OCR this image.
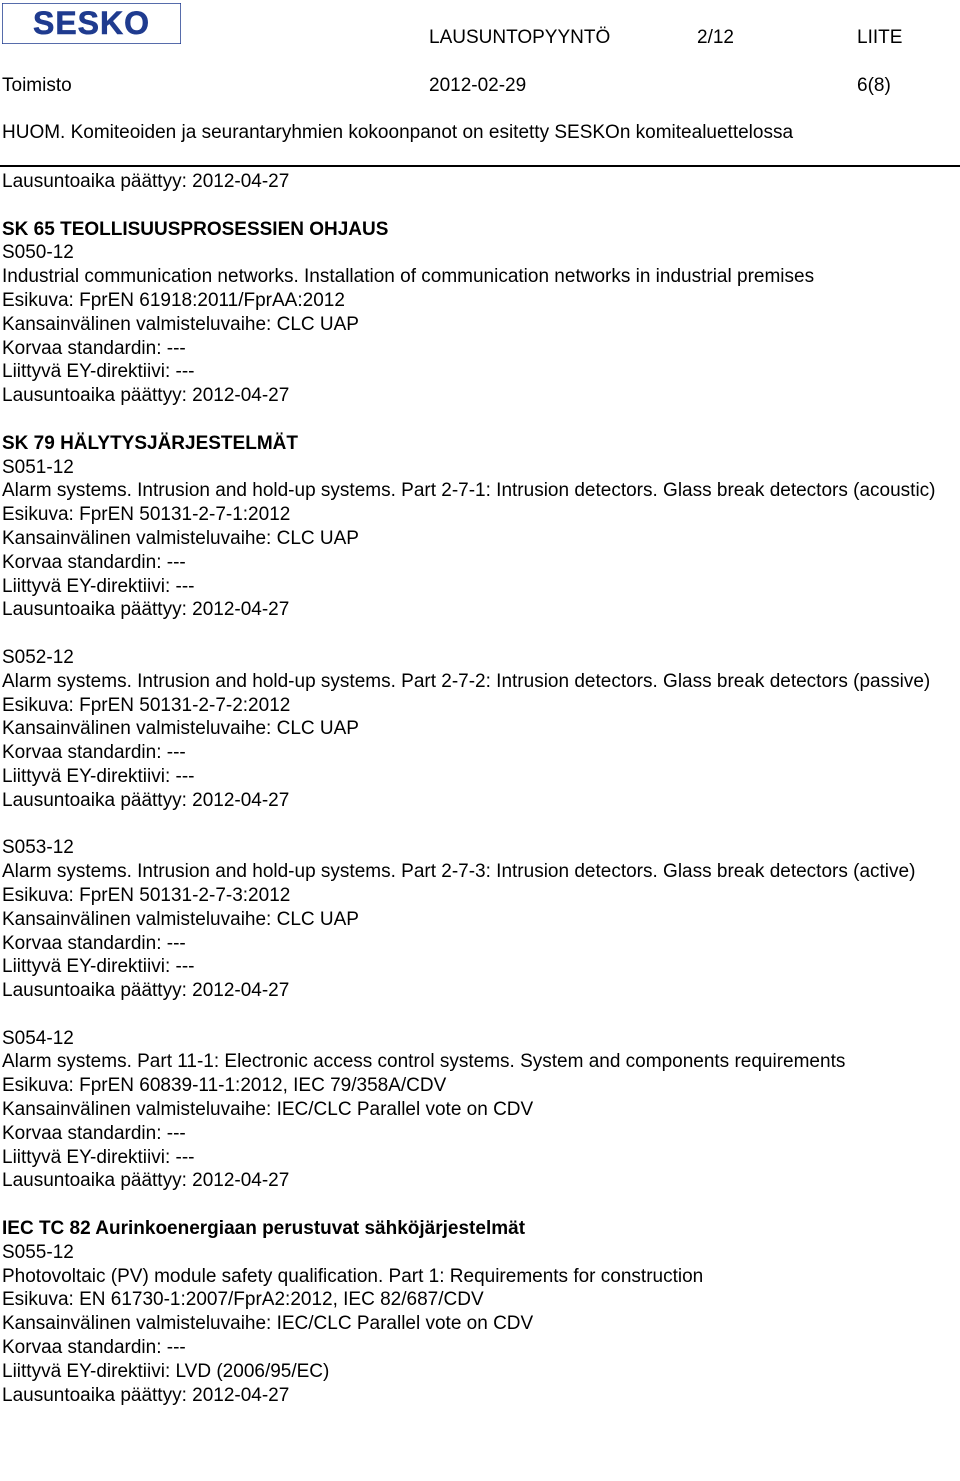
SESKO	LAUSUNTOPYYNTÖ	2/12	LIITE
Toimisto	2012-02-29	6(8)
HUOM. Komiteoiden ja seurantaryhmien kokoonpanot on esitetty SESKOn komitealuettelossa
Lausuntoaika päättyy: 2012-04-27
SK 65 TEOLLISUUSPROSESSIEN OHJAUS
S050-12
Industrial communication networks. Installation of communication networks in industrial premises
Esikuva: FprEN 61918:2011/FprAA:2012
Kansainvälinen valmisteluvaihe: CLC UAP
Korvaa standardin: ---
Liittyvä EY-direktiivi: ---
Lausuntoaika päättyy: 2012-04-27
SK 79 HÄLYTYSJÄRJESTELMÄT
S051-12
Alarm systems. Intrusion and hold-up systems. Part 2-7-1: Intrusion detectors. Glass break detectors (acoustic)
Esikuva: FprEN 50131-2-7-1:2012
Kansainvälinen valmisteluvaihe: CLC UAP
Korvaa standardin: ---
Liittyvä EY-direktiivi: ---
Lausuntoaika päättyy: 2012-04-27
S052-12
Alarm systems. Intrusion and hold-up systems. Part 2-7-2: Intrusion detectors. Glass break detectors (passive)
Esikuva: FprEN 50131-2-7-2:2012
Kansainvälinen valmisteluvaihe: CLC UAP
Korvaa standardin: ---
Liittyvä EY-direktiivi: ---
Lausuntoaika päättyy: 2012-04-27
S053-12
Alarm systems. Intrusion and hold-up systems. Part 2-7-3: Intrusion detectors. Glass break detectors (active)
Esikuva: FprEN 50131-2-7-3:2012
Kansainvälinen valmisteluvaihe: CLC UAP
Korvaa standardin: ---
Liittyvä EY-direktiivi: ---
Lausuntoaika päättyy: 2012-04-27
S054-12
Alarm systems. Part 11-1: Electronic access control systems. System and components requirements
Esikuva: FprEN 60839-11-1:2012, IEC 79/358A/CDV
Kansainvälinen valmisteluvaihe: IEC/CLC Parallel vote on CDV
Korvaa standardin: ---
Liittyvä EY-direktiivi: ---
Lausuntoaika päättyy: 2012-04-27
IEC TC 82 Aurinkoenergiaan perustuvat sähköjärjestelmät
S055-12
Photovoltaic (PV) module safety qualification. Part 1: Requirements for construction
Esikuva: EN 61730-1:2007/FprA2:2012, IEC 82/687/CDV
Kansainvälinen valmisteluvaihe: IEC/CLC Parallel vote on CDV
Korvaa standardin: ---
Liittyvä EY-direktiivi: LVD (2006/95/EC)
Lausuntoaika päättyy: 2012-04-27
